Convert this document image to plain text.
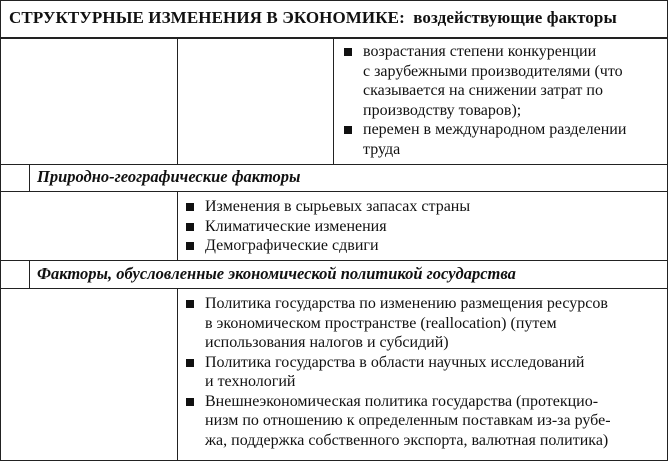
СТРУКТУРНЫЕ ИЗМЕНЕНИЯ В ЭКОНОМИКЕ: воздействующие факторы
возрастания степени конкуренции
с зарубежными производителями (что
сказывается на снижении затрат по
производству товаров);
перемен в международном разделении
труда
Природно-географические факторы
Изменения в сырьевых запасах страны
Климатические изменения
Демографические сдвиги
Факторы, обусловленные экономической политикой государства
Политика государства по изменению размещения ресурсов
в экономическом пространстве (reallocation) (путем
использования налогов и субсидий)
Политика государства в области научных исследований
и технологий
Внешнеэкономическая политика государства (протекцио-
низм по отношению к определенным поставкам из-за рубе-
жа, поддержка собственного экспорта, валютная политика)
